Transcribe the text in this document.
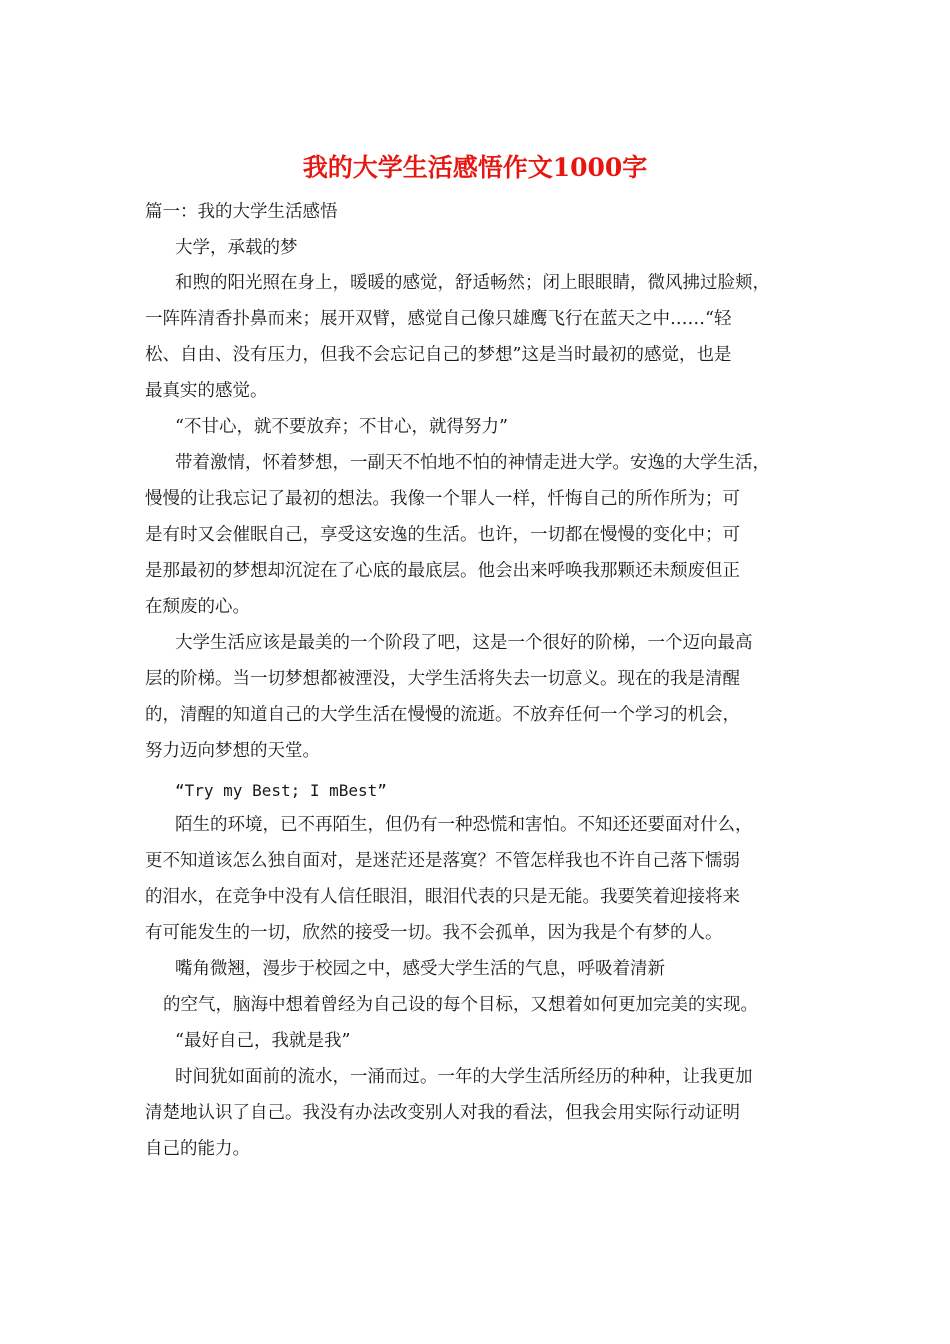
我的大学生活感悟作文1000字
篇一：我的大学生活感悟
大学，承载的梦
和煦的阳光照在身上，暖暖的感觉，舒适畅然；闭上眼眼睛，微风拂过脸颊，
一阵阵清香扑鼻而来；展开双臂，感觉自己像只雄鹰飞行在蓝天之中……“轻
松、自由、没有压力，但我不会忘记自己的梦想”这是当时最初的感觉，也是
最真实的感觉。
“不甘心，就不要放弃；不甘心，就得努力”
带着激情，怀着梦想，一副天不怕地不怕的神情走进大学。安逸的大学生活，
慢慢的让我忘记了最初的想法。我像一个罪人一样，忏悔自己的所作所为；可
是有时又会催眠自己，享受这安逸的生活。也许，一切都在慢慢的变化中；可
是那最初的梦想却沉淀在了心底的最底层。他会出来呼唤我那颗还未颓废但正
在颓废的心。
大学生活应该是最美的一个阶段了吧，这是一个很好的阶梯，一个迈向最高
层的阶梯。当一切梦想都被湮没，大学生活将失去一切意义。现在的我是清醒
的，清醒的知道自己的大学生活在慢慢的流逝。不放弃任何一个学习的机会，
努力迈向梦想的天堂。
“Try my Best; I mBest”
陌生的环境，已不再陌生，但仍有一种恐慌和害怕。不知还还要面对什么，
更不知道该怎么独自面对，是迷茫还是落寞？不管怎样我也不许自己落下懦弱
的泪水，在竞争中没有人信任眼泪，眼泪代表的只是无能。我要笑着迎接将来
有可能发生的一切，欣然的接受一切。我不会孤单，因为我是个有梦的人。
嘴角微翘，漫步于校园之中，感受大学生活的气息，呼吸着清新
的空气，脑海中想着曾经为自己设的每个目标，又想着如何更加完美的实现。
“最好自己，我就是我”
时间犹如面前的流水，一涌而过。一年的大学生活所经历的种种，让我更加
清楚地认识了自己。我没有办法改变别人对我的看法，但我会用实际行动证明
自己的能力。
